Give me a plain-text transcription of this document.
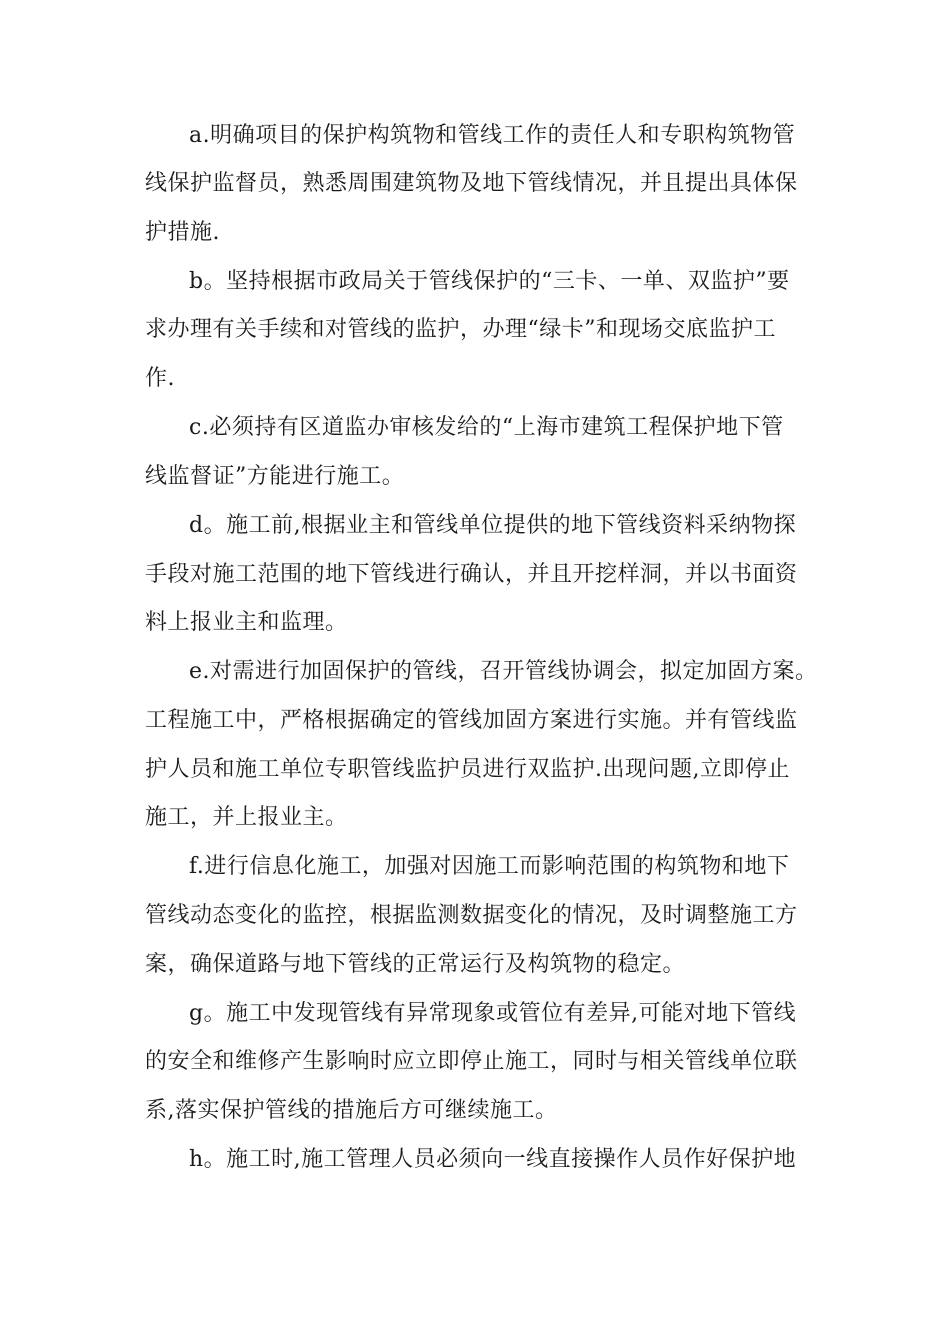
a.明确项目的保护构筑物和管线工作的责任人和专职构筑物管
线保护监督员，熟悉周围建筑物及地下管线情况，并且提出具体保
护措施.
b。坚持根据市政局关于管线保护的“三卡、一单、双监护”要
求办理有关手续和对管线的监护，办理“绿卡”和现场交底监护工
作.
c.必须持有区道监办审核发给的“上海市建筑工程保护地下管
线监督证”方能进行施工。
d。施工前,根据业主和管线单位提供的地下管线资料采纳物探
手段对施工范围的地下管线进行确认，并且开挖样洞，并以书面资
料上报业主和监理。
e.对需进行加固保护的管线，召开管线协调会，拟定加固方案。
工程施工中，严格根据确定的管线加固方案进行实施。并有管线监
护人员和施工单位专职管线监护员进行双监护.出现问题,立即停止
施工，并上报业主。
f.进行信息化施工，加强对因施工而影响范围的构筑物和地下
管线动态变化的监控，根据监测数据变化的情况，及时调整施工方
案，确保道路与地下管线的正常运行及构筑物的稳定。
g。施工中发现管线有异常现象或管位有差异,可能对地下管线
的安全和维修产生影响时应立即停止施工，同时与相关管线单位联
系,落实保护管线的措施后方可继续施工。
h。施工时,施工管理人员必须向一线直接操作人员作好保护地
